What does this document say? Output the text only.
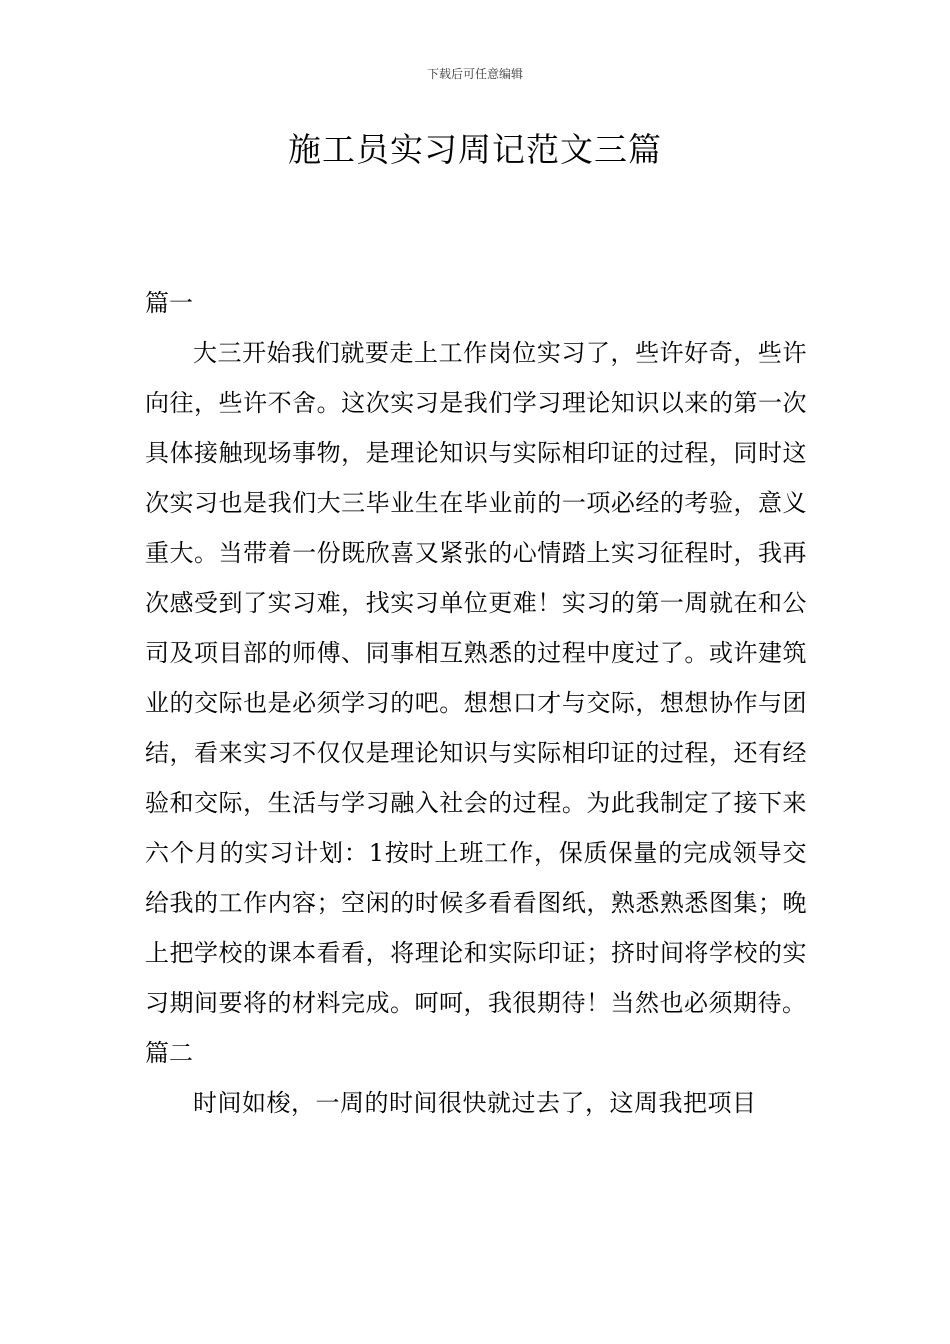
下载后可任意编辑
施工员实习周记范文三篇
篇一

大三开始我们就要走上工作岗位实习了，些许好奇，些许向往，些许不舍。这次实习是我们学习理论知识以来的第一次具体接触现场事物，是理论知识与实际相印证的过程，同时这次实习也是我们大三毕业生在毕业前的一项必经的考验，意义重大。当带着一份既欣喜又紧张的心情踏上实习征程时，我再次感受到了实习难，找实习单位更难！实习的第一周就在和公司及项目部的师傅、同事相互熟悉的过程中度过了。或许建筑业的交际也是必须学习的吧。想想口才与交际，想想协作与团结，看来实习不仅仅是理论知识与实际相印证的过程，还有经验和交际，生活与学习融入社会的过程。为此我制定了接下来六个月的实习计划：1按时上班工作，保质保量的完成领导交给我的工作内容；空闲的时候多看看图纸，熟悉熟悉图集；晚上把学校的课本看看，将理论和实际印证；挤时间将学校的实习期间要将的材料完成。呵呵，我很期待！当然也必须期待。

篇二

时间如梭，一周的时间很快就过去了，这周我把项目
